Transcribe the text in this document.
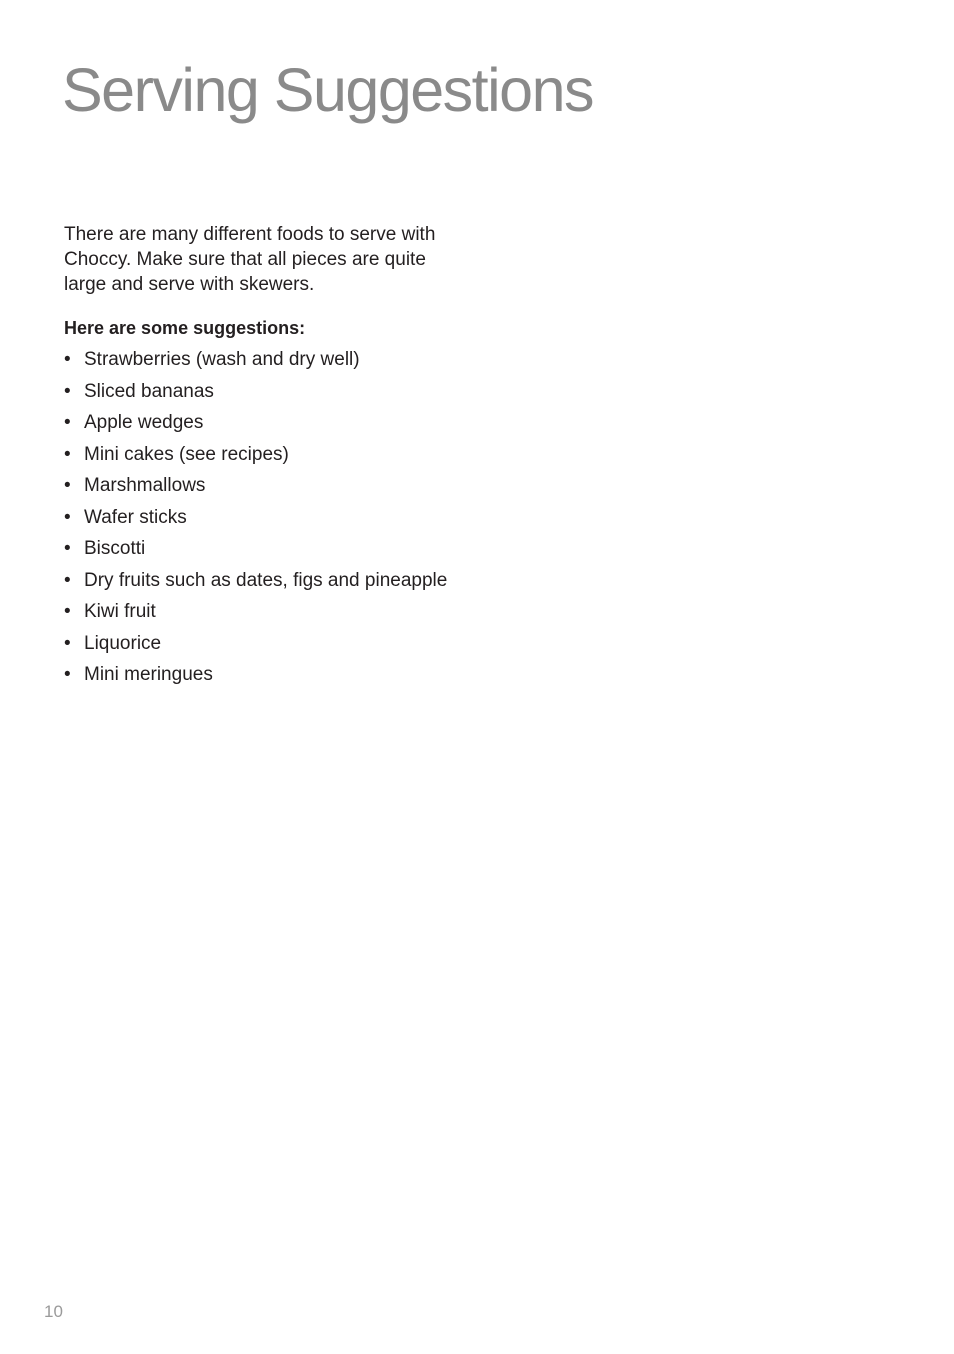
Serving Suggestions

There are many different foods to serve with
Choccy. Make sure that all pieces are quite
large and serve with skewers.

Here are some suggestions:

• Strawberries (wash and dry well)
• Sliced bananas
• Apple wedges
• Mini cakes (see recipes)
• Marshmallows
• Wafer sticks
• Biscotti
• Dry fruits such as dates, figs and pineapple
• Kiwi fruit
• Liquorice
• Mini meringues

10
